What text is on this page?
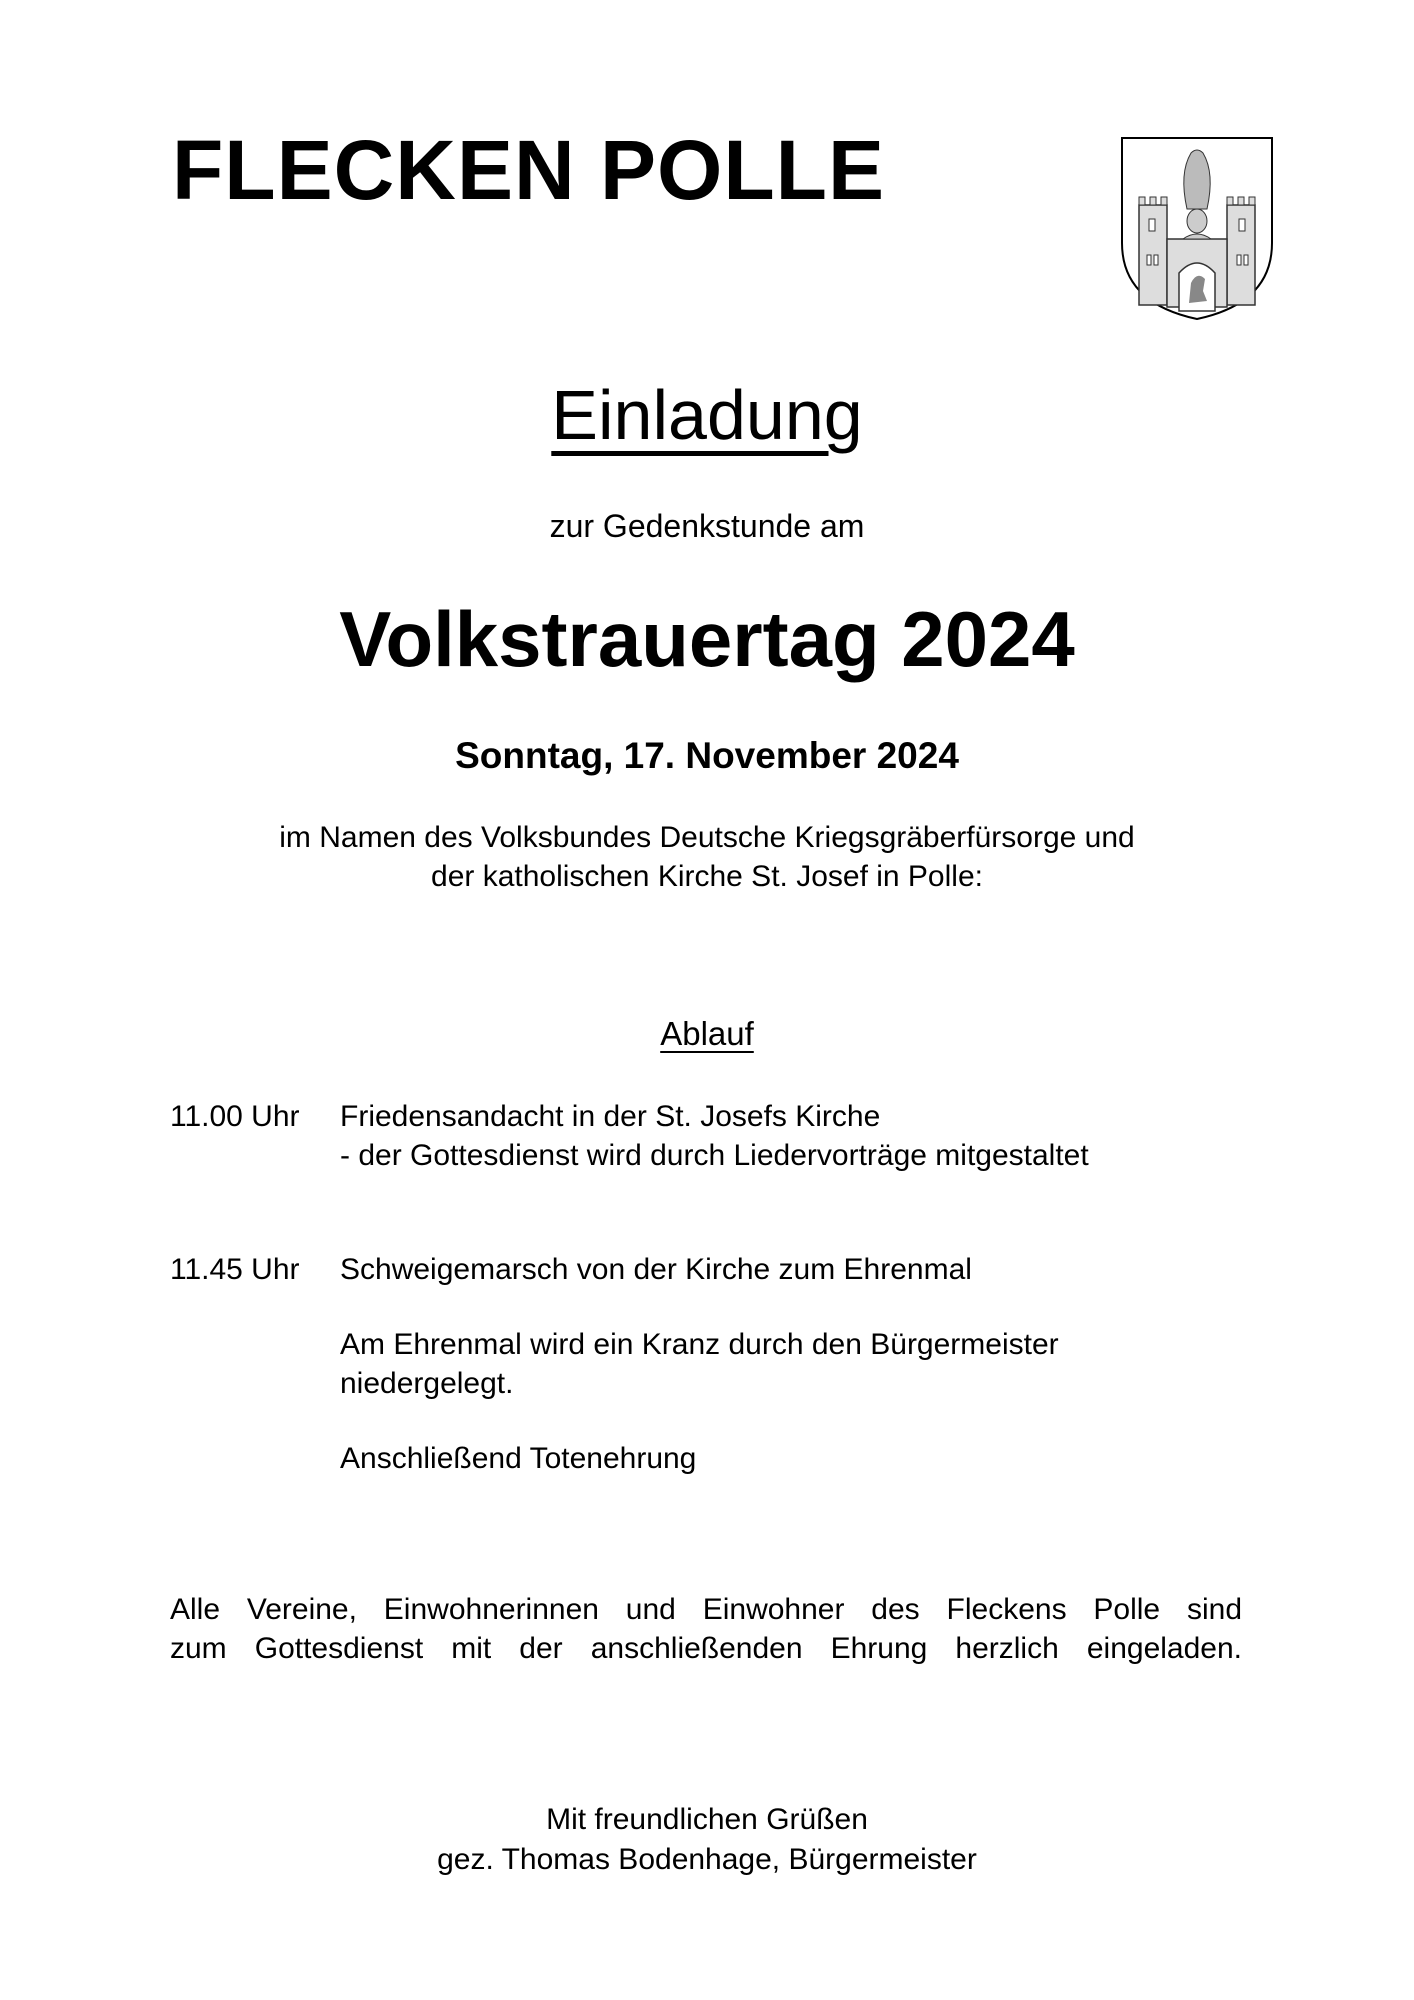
FLECKEN POLLE
Einladung
zur Gedenkstunde am
Volkstrauertag 2024
Sonntag, 17. November 2024
im Namen des Volksbundes Deutsche Kriegsgräberfürsorge und
der katholischen Kirche St. Josef in Polle:
Ablauf
11.00 Uhr	Friedensandacht in der St. Josefs Kirche
- der Gottesdienst wird durch Liedervorträge mitgestaltet
11.45 Uhr	Schweigemarsch von der Kirche zum Ehrenmal
Am Ehrenmal wird ein Kranz durch den Bürgermeister
niedergelegt.
Anschließend Totenehrung
Alle Vereine, Einwohnerinnen und Einwohner des Fleckens Polle sind
zum Gottesdienst mit der anschließenden Ehrung herzlich eingeladen.
Mit freundlichen Grüßen
gez. Thomas Bodenhage, Bürgermeister
